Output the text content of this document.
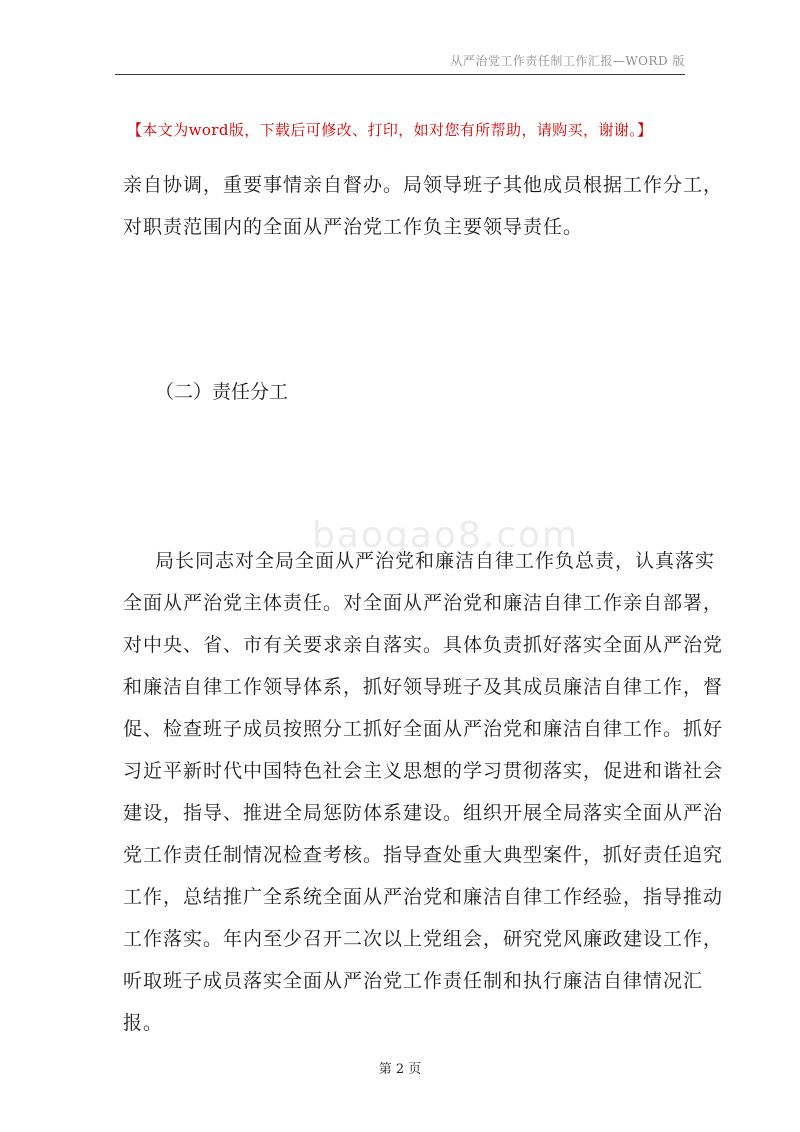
从严治党工作责任制工作汇报—WORD 版
【本文为word版，下载后可修改、打印，如对您有所帮助，请购买，谢谢。】
亲自协调，重要事情亲自督办。局领导班子其他成员根据工作分工，
对职责范围内的全面从严治党工作负主要领导责任。
（二）责任分工
baogao8.com
局长同志对全局全面从严治党和廉洁自律工作负总责，认真落实
全面从严治党主体责任。对全面从严治党和廉洁自律工作亲自部署，
对中央、省、市有关要求亲自落实。具体负责抓好落实全面从严治党
和廉洁自律工作领导体系，抓好领导班子及其成员廉洁自律工作，督
促、检查班子成员按照分工抓好全面从严治党和廉洁自律工作。抓好
习近平新时代中国特色社会主义思想的学习贯彻落实，促进和谐社会
建设，指导、推进全局惩防体系建设。组织开展全局落实全面从严治
党工作责任制情况检查考核。指导查处重大典型案件，抓好责任追究
工作，总结推广全系统全面从严治党和廉洁自律工作经验，指导推动
工作落实。年内至少召开二次以上党组会，研究党风廉政建设工作，
听取班子成员落实全面从严治党工作责任制和执行廉洁自律情况汇
报。
第 2 页
